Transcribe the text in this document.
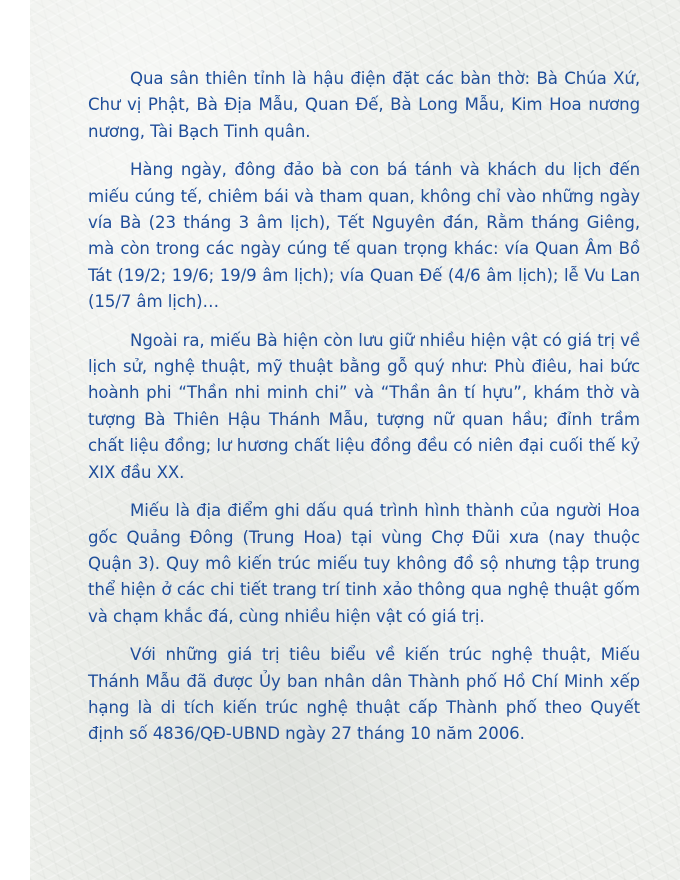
Qua sân thiên tỉnh là hậu điện đặt các bàn thờ: Bà Chúa Xứ, Chư vị Phật, Bà Địa Mẫu, Quan Đế, Bà Long Mẫu, Kim Hoa nương nương, Tài Bạch Tinh quân.

Hàng ngày, đông đảo bà con bá tánh và khách du lịch đến miếu cúng tế, chiêm bái và tham quan, không chỉ vào những ngày vía Bà (23 tháng 3 âm lịch), Tết Nguyên đán, Rằm tháng Giêng, mà còn trong các ngày cúng tế quan trọng khác: vía Quan Âm Bồ Tát (19/2; 19/6; 19/9 âm lịch); vía Quan Đế (4/6 âm lịch); lễ Vu Lan (15/7 âm lịch)…

Ngoài ra, miếu Bà hiện còn lưu giữ nhiều hiện vật có giá trị về lịch sử, nghệ thuật, mỹ thuật bằng gỗ quý như: Phù điêu, hai bức hoành phi “Thần nhi minh chi” và “Thần ân tí hựu”, khám thờ và tượng Bà Thiên Hậu Thánh Mẫu, tượng nữ quan hầu; đỉnh trầm chất liệu đồng; lư hương chất liệu đồng đều có niên đại cuối thế kỷ XIX đầu XX.

Miếu là địa điểm ghi dấu quá trình hình thành của người Hoa gốc Quảng Đông (Trung Hoa) tại vùng Chợ Đũi xưa (nay thuộc Quận 3). Quy mô kiến trúc miếu tuy không đồ sộ nhưng tập trung thể hiện ở các chi tiết trang trí tinh xảo thông qua nghệ thuật gốm và chạm khắc đá, cùng nhiều hiện vật có giá trị.

Với những giá trị tiêu biểu về kiến trúc nghệ thuật, Miếu Thánh Mẫu đã được Ủy ban nhân dân Thành phố Hồ Chí Minh xếp hạng là di tích kiến trúc nghệ thuật cấp Thành phố theo Quyết định số 4836/QĐ-UBND ngày 27 tháng 10 năm 2006.
